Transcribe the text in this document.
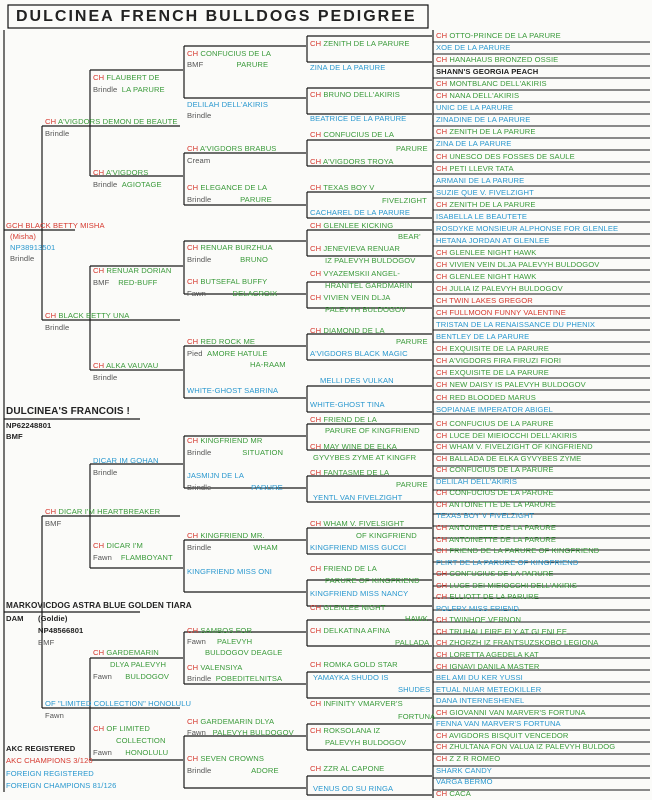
DULCINEA FRENCH BULLDOGS PEDIGREE
GCH BLACK BETTY MISHA
(Misha)
NP38913501
Brindle
CH A'VIGDORS DEMON DE BEAUTE
Brindle
CH BLACK BETTY UNA
Brindle
CH FLAUBERT DE
Brindle LA PARURE
CH A'VIGDORS
Brindle AGIOTAGE
CH RENUAR DORIAN
BMF RED-BUFF
CH ALKA VAUVAU
Brindle
CH CONFUCIUS DE LA
BMF	PARURE
DELILAH DELL'AKIRIS
Brindle
CH A'VIGDORS BRABUS
Cream
CH ELEGANCE DE LA
Brindle	PARURE
CH RENUAR BURZHUA
Brindle	BRUNO
CH BUTSEFAL BUFFY
Fawn	DELACROIX
CH RED ROCK ME
Pied AMORE HATULE
HA-RAAM
WHITE-GHOST SABRINA
CH ZENITH DE LA PARURE
ZINA DE LA PARURE
CH BRUNO DELL'AKIRIS
BEATRICE DE LA PARURE
CH CONFUCIUS DE LA
PARURE
CH A'VIGDORS TROYA
CH TEXAS BOY V
FIVELZIGHT
CACHAREL DE LA PARURE
CH GLENLEE KICKING
BEAR'
CH JENEVIEVA RENUAR
IZ PALEVYH BULDOGOV
CH VYAZEMSKII ANGEL-
HRANITEL GARDMARIN
CH VIVIEN VEIN DLJA
PALEVYH BULDOGOV
CH DIAMOND DE LA
PARURE
A'VIGDORS BLACK MAGIC
MELLI DES VULKAN
WHITE-GHOST TINA
CH OTTO-PRINCE DE LA PARURE
XOE DE LA PARURE
CH HANAHAUS BRONZED OSSIE
SHANN'S GEORGIA PEACH
CH MONTBLANC DELL'AKIRIS
CH NANA DELL'AKIRIS
UNIC DE LA PARURE
ZINADINE DE LA PARURE
CH ZENITH DE LA PARURE
ZINA DE LA PARURE
CH UNESCO DES FOSSES DE SAULE
CH PETI LLEVR TATA
ARMANI DE LA PARURE
SUZIE QUE V. FIVELZIGHT
CH ZENITH DE LA PARURE
ISABELLA LE BEAUTETE
ROSDYKE MONSIEUR ALPHONSE FOR GLENLEE
HETANA JORDAN AT GLENLEE
CH GLENLEE NIGHT HAWK
CH VIVIEN VEIN DLJA PALEVYH BULDOGOV
CH GLENLEE NIGHT HAWK
CH JULIA IZ PALEVYH BULDOGOV
CH TWIN LAKES GREGOR
CH FULLMOON FUNNY VALENTINE
TRISTAN DE LA RENAISSANCE DU PHENIX
BENTLEY DE LA PARURE
CH EXQUISITE DE LA PARURE
CH A'VIGDORS FIRA FIRUZI FIORI
CH EXQUISITE DE LA PARURE
CH NEW DAISY IS PALEVYH BULDOGOV
CH RED BLOODED MARUS
SOPIANAE IMPERATOR ABIGEL
DULCINEA'S FRANCOIS !
NP62248801
BMF
MARKOVICDOG ASTRA BLUE GOLDEN TIARA
DAM (Goldie)
NP48566801
BMF
CH DICAR I'M HEARTBREAKER
BMF
OF "LIMITED COLLECTION" HONOLULU
Fawn
DICAR IM GOHAN
Brindle
CH DICAR I'M
Fawn FLAMBOYANT
CH GARDEMARIN
DLYA PALEVYH
Fawn BULDOGOV
CH OF LIMITED
COLLECTION
Fawn HONOLULU
CH KINGFRIEND MR
Brindle	SITUATION
JASMIJN DE LA
Brindle	PARURE
CH KINGFRIEND MR.
Brindle	WHAM
KINGFRIEND MISS ONI
CH SAMBOS FOR
Fawn PALEVYH
BULDOGOV DEAGLE
CH VALENSIYA
Brindle POBEDITELNITSA
CH GARDEMARIN DLYA
Fawn PALEVYH BULDOGOV
CH SEVEN CROWNS
Brindle	ADORE
CH FRIEND DE LA
PARURE OF KINGFRIEND
CH MAY WINE DE ELKA
GYVYBES ZYME AT KINGFR
CH FANTASME DE LA
PARURE
YENTL VAN FIVELZIGHT
CH WHAM V. FIVELSIGHT
OF KINGFRIEND
KINGFRIEND MISS GUCCI
CH FRIEND DE LA
PARURE OF KINGFRIEND
KINGFRIEND MISS NANCY
CH GLENLEE NIGHT
HAWK
CH DELKATINA AFINA
PALLADA
CH ROMKA GOLD STAR
YAMAYKA SHUDO IS
SHUDES
CH INFINITY VMARVER'S
FORTUNA
CH ROKSOLANA IZ
PALEVYH BULDOGOV
CH ZZR AL CAPONE
VENUS OD SU RINGA
CH CONFUCIUS DE LA PARURE
CH LUCE DEI MIEIOCCHI DELL'AKIRIS
CH WHAM V. FIVELZIGHT OF KINGFRIEND
CH BALLADA DE ELKA GYVYBES ZYME
CH CONFUCIUS DE LA PARURE
DELILAH DELL'AKIRIS
CH CONFUCIUS DE LA PARURE
CH ANTOINETTE DE LA PARURE
TEXAS BOY V FIVELZIGHT
CH ANTOINETTE DE LA PARURE
CH ANTOINETTE DE LA PARURE
CH FRIEND DE LA PARURE OF KINGFRIEND
FLIRT DE LA PARURE OF KINGFRIEND
CH CONFUCIUS DE LA PARURE
CH LUCE DEI MIEIOCCHI DELL'AKIRIS
CH ELLIOTT DE LA PARURE
POLFRY MISS FRIEND
CH TWINHOE VERNON
CH TRUHALI FIRE FLY AT GLENLEE
CH ZHORZH IZ FRANTSUZSKOBO LEGIONA
CH LORETTA AGEDELA KAT
CH IGNAVI DANILA MASTER
BEL AMI DU KER YUSSI
ETUAL NUAR METEOKILLER
DANA INTERNESHENEL
CH GIOVANNI VAN MARVER'S FORTUNA
FENNA VAN MARVER'S FORTUNA
CH AVIGDORS BISQUIT VENCEDOR
CH ZHULTANA FON VALUA IZ PALEVYH BULDOG
CH Z Z R ROMEO
SHARK CANDY
VARGA BERMO
CH CACA
AKC REGISTERED
AKC CHAMPIONS 3/126
FOREIGN REGISTERED
FOREIGN CHAMPIONS 81/126
